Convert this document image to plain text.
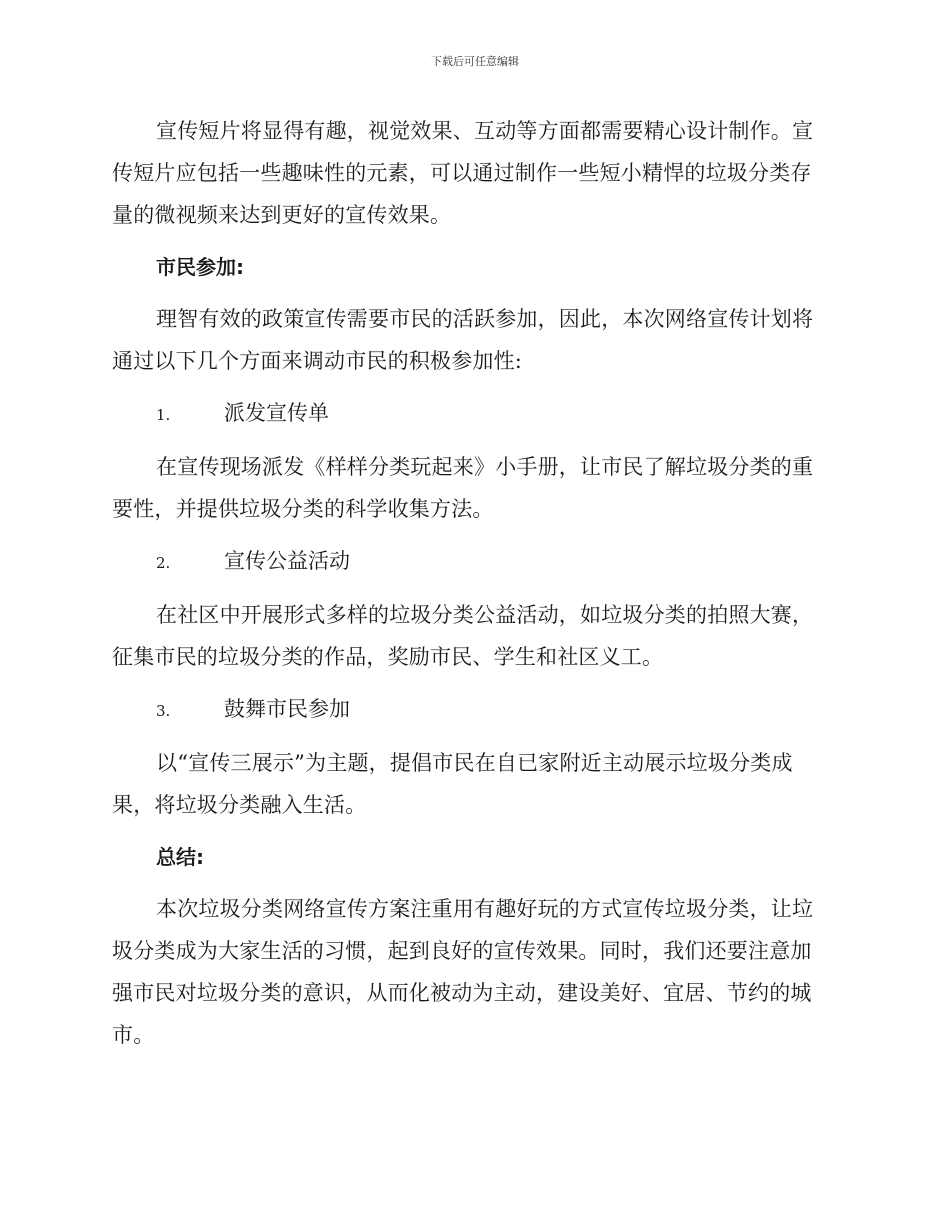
下载后可任意编辑

宣传短片将显得有趣，视觉效果、互动等方面都需要精心设计制作。宣传短片应包括一些趣味性的元素，可以通过制作一些短小精悍的垃圾分类存量的微视频来达到更好的宣传效果。

市民参加:

理智有效的政策宣传需要市民的活跃参加，因此，本次网络宣传计划将通过以下几个方面来调动市民的积极参加性:

1.	派发宣传单

在宣传现场派发《样样分类玩起来》小手册，让市民了解垃圾分类的重要性，并提供垃圾分类的科学收集方法。

2.	宣传公益活动

在社区中开展形式多样的垃圾分类公益活动，如垃圾分类的拍照大赛，征集市民的垃圾分类的作品，奖励市民、学生和社区义工。

3.	鼓舞市民参加

以“宣传三展示”为主题，提倡市民在自已家附近主动展示垃圾分类成果，将垃圾分类融入生活。

总结:

本次垃圾分类网络宣传方案注重用有趣好玩的方式宣传垃圾分类，让垃圾分类成为大家生活的习惯，起到良好的宣传效果。同时，我们还要注意加强市民对垃圾分类的意识，从而化被动为主动，建设美好、宜居、节约的城市。
